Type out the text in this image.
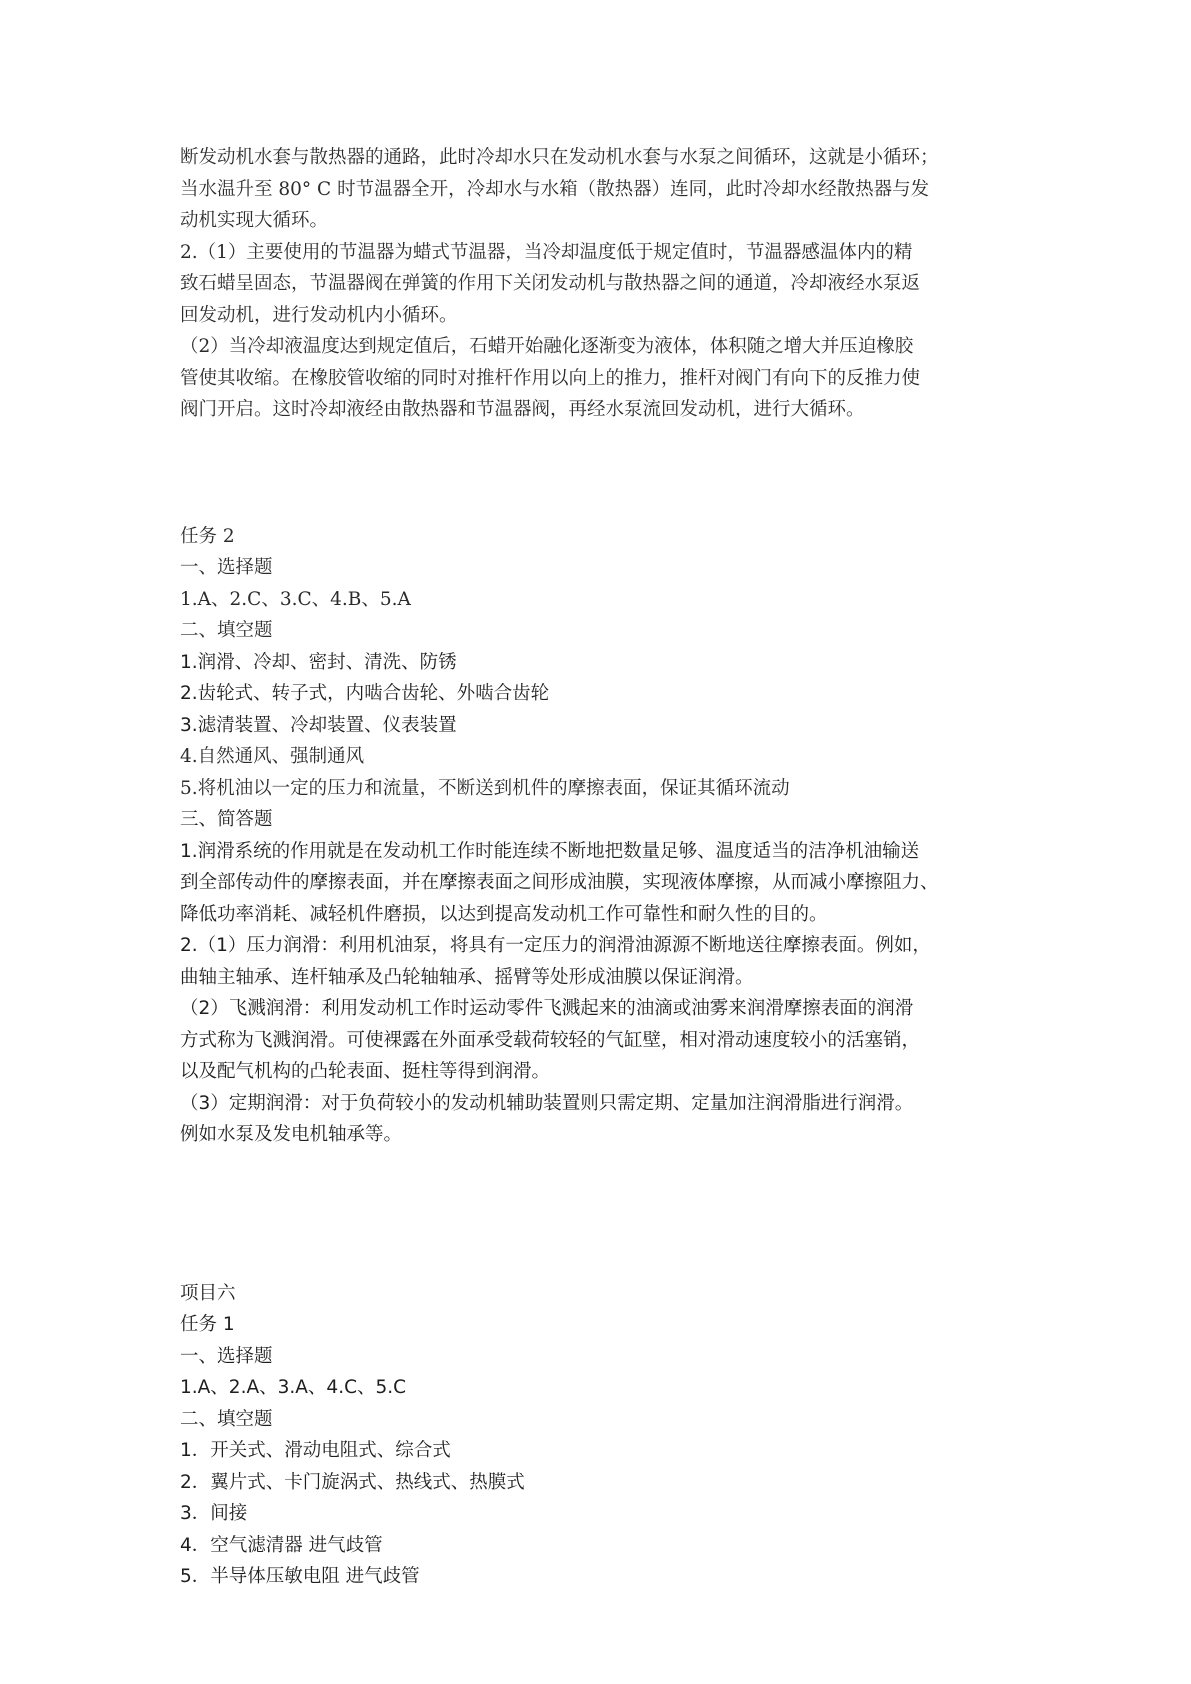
断发动机水套与散热器的通路，此时冷却水只在发动机水套与水泵之间循环，这就是小循环；

当水温升至 80° C 时节温器全开，冷却水与水箱（散热器）连同，此时冷却水经散热器与发

动机实现大循环。

2.（1）主要使用的节温器为蜡式节温器，当冷却温度低于规定值时，节温器感温体内的精

致石蜡呈固态，节温器阀在弹簧的作用下关闭发动机与散热器之间的通道，冷却液经水泵返

回发动机，进行发动机内小循环。

（2）当冷却液温度达到规定值后，石蜡开始融化逐渐变为液体，体积随之增大并压迫橡胶

管使其收缩。在橡胶管收缩的同时对推杆作用以向上的推力，推杆对阀门有向下的反推力使

阀门开启。这时冷却液经由散热器和节温器阀，再经水泵流回发动机，进行大循环。

任务 2

一、选择题

1.A、2.C、3.C、4.B、5.A

二、填空题

1.润滑、冷却、密封、清洗、防锈

2.齿轮式、转子式，内啮合齿轮、外啮合齿轮

3.滤清装置、冷却装置、仪表装置

4.自然通风、强制通风

5.将机油以一定的压力和流量，不断送到机件的摩擦表面，保证其循环流动

三、简答题

1.润滑系统的作用就是在发动机工作时能连续不断地把数量足够、温度适当的洁净机油输送

到全部传动件的摩擦表面，并在摩擦表面之间形成油膜，实现液体摩擦，从而减小摩擦阻力、

降低功率消耗、减轻机件磨损，以达到提高发动机工作可靠性和耐久性的目的。

2.（1）压力润滑：利用机油泵，将具有一定压力的润滑油源源不断地送往摩擦表面。例如，

曲轴主轴承、连杆轴承及凸轮轴轴承、摇臂等处形成油膜以保证润滑。

（2）飞溅润滑：利用发动机工作时运动零件飞溅起来的油滴或油雾来润滑摩擦表面的润滑

方式称为飞溅润滑。可使裸露在外面承受载荷较轻的气缸壁，相对滑动速度较小的活塞销，

以及配气机构的凸轮表面、挺柱等得到润滑。

（3）定期润滑：对于负荷较小的发动机辅助装置则只需定期、定量加注润滑脂进行润滑。

例如水泵及发电机轴承等。

项目六

任务 1

一、选择题

1.A、2.A、3.A、4.C、5.C

二、填空题

1．开关式、滑动电阻式、综合式

2．翼片式、卡门旋涡式、热线式、热膜式

3．间接

4．空气滤清器 进气歧管

5．半导体压敏电阻 进气歧管
